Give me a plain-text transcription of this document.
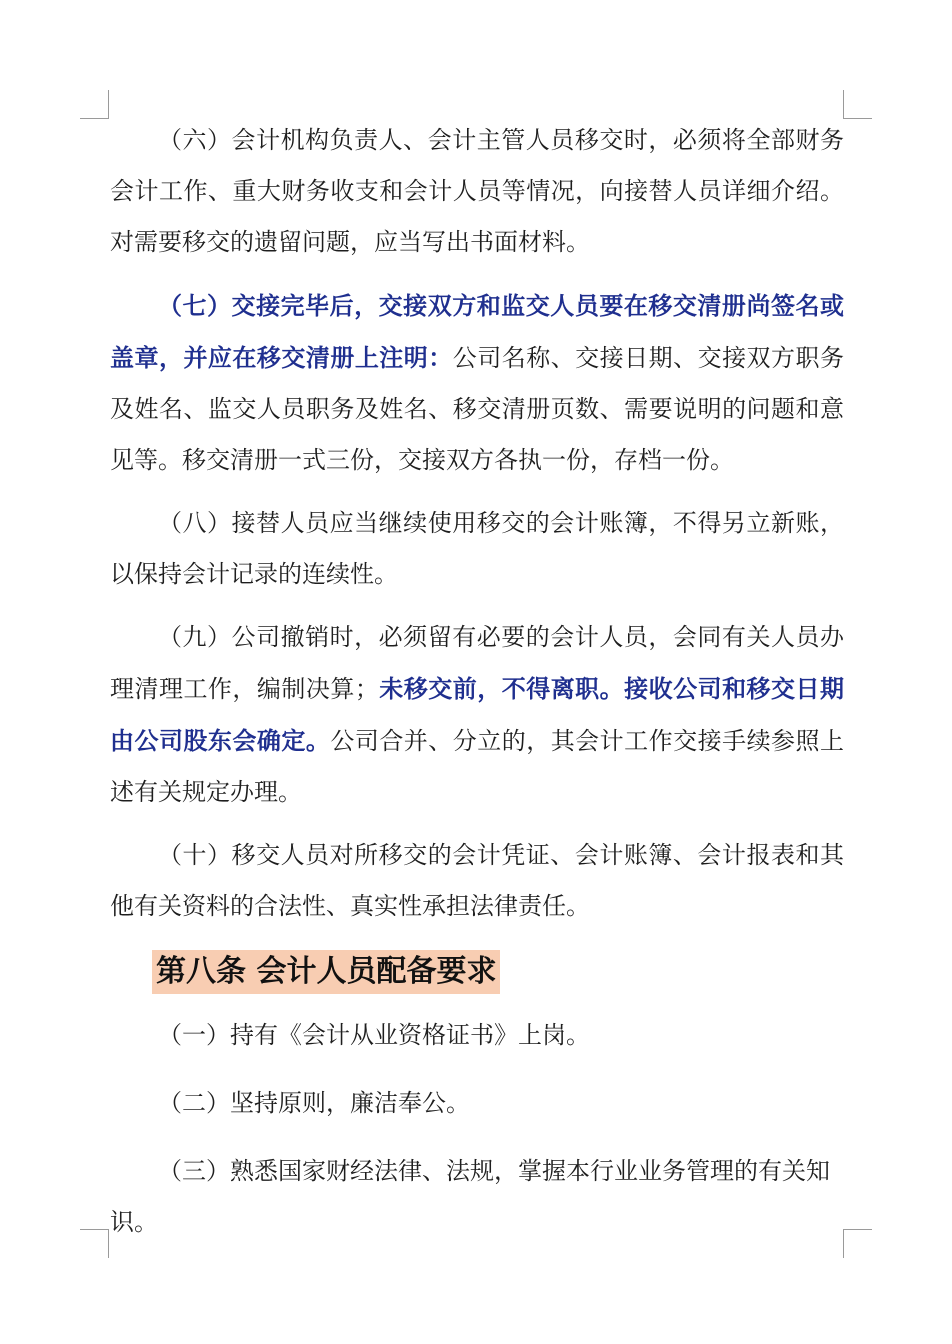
（六）会计机构负责人、会计主管人员移交时，必须将全部财务会计工作、重大财务收支和会计人员等情况，向接替人员详细介绍。对需要移交的遗留问题，应当写出书面材料。

（七）交接完毕后，交接双方和监交人员要在移交清册尚签名或盖章，并应在移交清册上注明：公司名称、交接日期、交接双方职务及姓名、监交人员职务及姓名、移交清册页数、需要说明的问题和意见等。移交清册一式三份，交接双方各执一份，存档一份。

（八）接替人员应当继续使用移交的会计账簿，不得另立新账，以保持会计记录的连续性。

（九）公司撤销时，必须留有必要的会计人员，会同有关人员办理清理工作，编制决算；未移交前，不得离职。接收公司和移交日期由公司股东会确定。公司合并、分立的，其会计工作交接手续参照上述有关规定办理。

（十）移交人员对所移交的会计凭证、会计账簿、会计报表和其他有关资料的合法性、真实性承担法律责任。

第八条 会计人员配备要求

（一）持有《会计从业资格证书》上岗。

（二）坚持原则，廉洁奉公。

（三）熟悉国家财经法律、法规，掌握本行业业务管理的有关知识。
